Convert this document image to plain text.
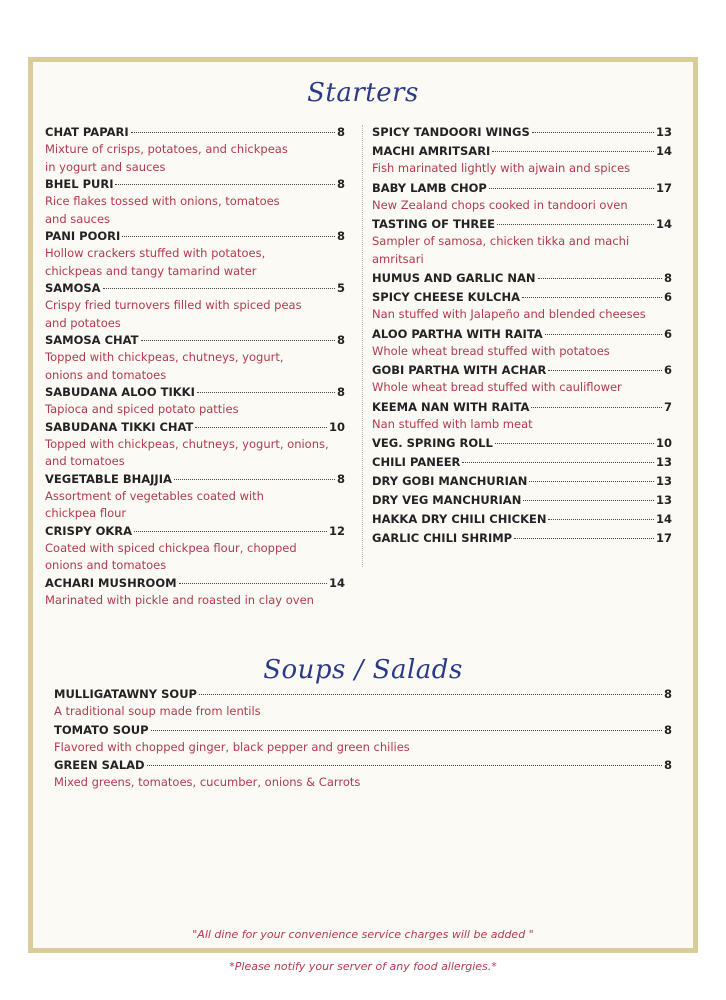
Starters
CHAT PAPARI	8
Mixture of crisps, potatoes, and chickpeas
in yogurt and sauces
BHEL PURI	8
Rice flakes tossed with onions, tomatoes
and sauces
PANI POORI	8
Hollow crackers stuffed with potatoes,
chickpeas and tangy tamarind water
SAMOSA	5
Crispy fried turnovers filled with spiced peas
and potatoes
SAMOSA CHAT	8
Topped with chickpeas, chutneys, yogurt,
onions and tomatoes
SABUDANA ALOO TIKKI	8
Tapioca and spiced potato patties
SABUDANA TIKKI CHAT	10
Topped with chickpeas, chutneys, yogurt, onions,
and tomatoes
VEGETABLE BHAJJIA	8
Assortment of vegetables coated with
chickpea flour
CRISPY OKRA	12
Coated with spiced chickpea flour, chopped
onions and tomatoes
ACHARI MUSHROOM	14
Marinated with pickle and roasted in clay oven
SPICY TANDOORI WINGS	13
MACHI AMRITSARI	14
Fish marinated lightly with ajwain and spices
BABY LAMB CHOP	17
New Zealand chops cooked in tandoori oven
TASTING OF THREE	14
Sampler of samosa, chicken tikka and machi
amritsari
HUMUS AND GARLIC NAN	8
SPICY CHEESE KULCHA	6
Nan stuffed with Jalapeño and blended cheeses
ALOO PARTHA WITH RAITA	6
Whole wheat bread stuffed with potatoes
GOBI PARTHA WITH ACHAR	6
Whole wheat bread stuffed with cauliflower
KEEMA NAN WITH RAITA	7
Nan stuffed with lamb meat
VEG. SPRING ROLL	10
CHILI PANEER	13
DRY GOBI MANCHURIAN	13
DRY VEG MANCHURIAN	13
HAKKA DRY CHILI CHICKEN	14
GARLIC CHILI SHRIMP	17
Soups / Salads
MULLIGATAWNY SOUP	8
A traditional soup made from lentils
TOMATO SOUP	8
Flavored with chopped ginger, black pepper and green chilies
GREEN SALAD	8
Mixed greens, tomatoes, cucumber, onions & Carrots
"All dine for your convenience service charges will be added "
*Please notify your server of any food allergies.*
